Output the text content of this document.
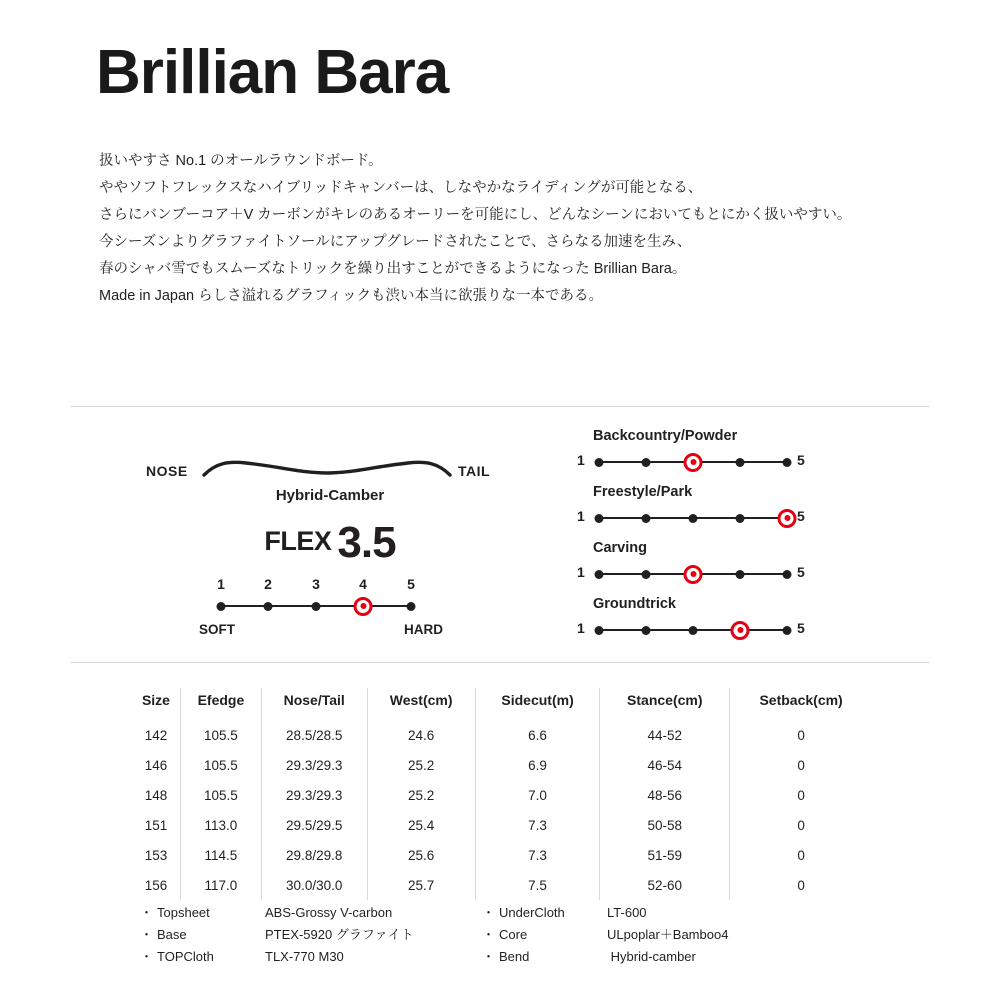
Brillian Bara
扱いやすさ No.1 のオールラウンドボード。
ややソフトフレックスなハイブリッドキャンバーは、しなやかなライディングが可能となる、
さらにバンブーコア＋V カーボンがキレのあるオーリーを可能にし、どんなシーンにおいてもとにかく扱いやすい。
今シーズンよりグラファイトソールにアップグレードされたことで、さらなる加速を生み、
春のシャバ雪でもスムーズなトリックを繰り出すことができるようになった Brillian Bara。
Made in Japan らしさ溢れるグラフィックも渋い本当に欲張りな一本である。
NOSE	TAIL
Hybrid-Camber
FLEX 3.5
1	2	3	4	5
SOFT	HARD
Backcountry/Powder
1	5
Freestyle/Park
1	5
Carving
1	5
Groundtrick
1	5
Size	Efedge	Nose/Tail	West(cm)	Sidecut(m)	Stance(cm)	Setback(cm)
142	105.5	28.5/28.5	24.6	6.6	44-52	0
146	105.5	29.3/29.3	25.2	6.9	46-54	0
148	105.5	29.3/29.3	25.2	7.0	48-56	0
151	113.0	29.5/29.5	25.4	7.3	50-58	0
153	114.5	29.8/29.8	25.6	7.3	51-59	0
156	117.0	30.0/30.0	25.7	7.5	52-60	0
・ Topsheet	ABS-Grossy V-carbon
・ Base	PTEX-5920 グラファイト
・ TOPCloth	TLX-770 M30
・ UnderCloth	LT-600
・ Core	ULpoplar＋Bamboo4
・ Bend	Hybrid-camber
